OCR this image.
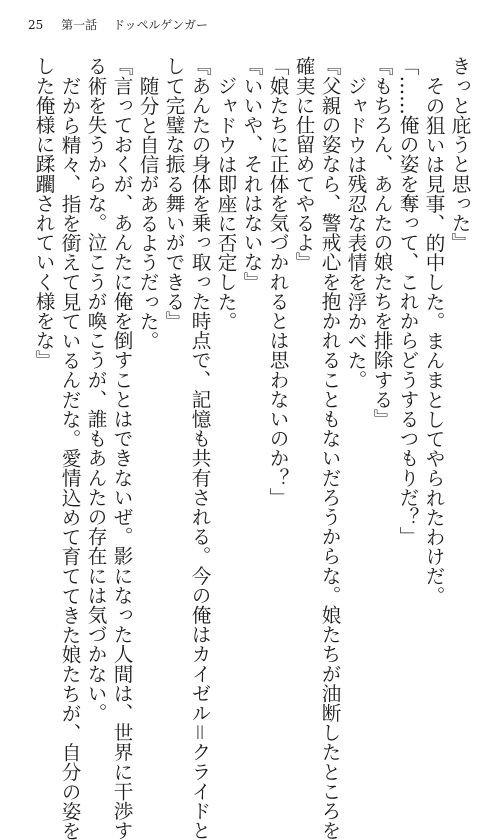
25 第一話 ドッペルゲンガー

きっと庇うと思った』

その狙いは見事、的中した。まんまとしてやられたわけだ。

「……俺の姿を奪って、これからどうするつもりだ？」

『もちろん、あんたの娘たちを排除する』

ジャドウは残忍な表情を浮かべた。

『父親の姿なら、警戒心を抱かれることもないだろうからな。娘たちが油断したところを

確実に仕留めてやるよ』

「娘たちに正体を気づかれるとは思わないのか？」

『いいや、それはないな』

ジャドウは即座に否定した。

『あんたの身体を乗っ取った時点で、記憶も共有される。今の俺はカイゼル＝クライドと

して完璧な振る舞いができる』

随分と自信があるようだった。

『言っておくが、あんたに俺を倒すことはできないぜ。影になった人間は、世界に干渉す

る術を失うからな。泣こうが喚こうが、誰もあんたの存在には気づかない。

だから精々、指を銜えて見ているんだな。愛情込めて育ててきた娘たちが、自分の姿を

した俺様に蹂躙されていく様をな』
